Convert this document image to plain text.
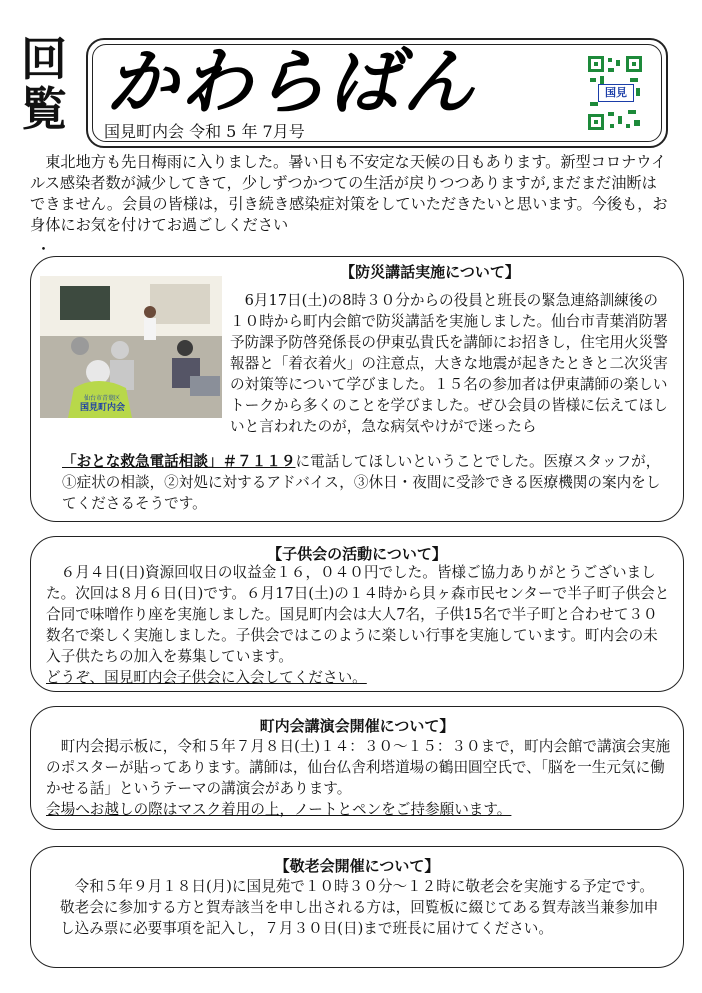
回
覧 かわらばん
国見町内会 令和 5 年 7月号
国見
東北地方も先日梅雨に入りました。暑い日も不安定な天候の日もあります。新型コロナウイルス感染者数が減少してきて，少しずつかつての生活が戻りつつありますが,まだまだ油断はできません。会員の皆様は，引き続き感染症対策をしていただきたいと思います。今後も，お身体にお気を付けてお過ごしください
・
【防災講話実施について】
仙台市青葉区
国見町内会
6月17日(土)の8時３０分からの役員と班長の緊急連絡訓練後の１０時から町内会館で防災講話を実施しました。仙台市青葉消防署予防課予防啓発係長の伊東弘貴氏を講師にお招きし，住宅用火災警報器と「着衣着火」の注意点，大きな地震が起きたときと二次災害の対策等について学びました。１５名の参加者は伊東講師の楽しいトークから多くのことを学びました。ぜひ会員の皆様に伝えてほしいと言われたのが，急な病気やけがで迷ったら
「おとな救急電話相談」＃７１１９に電話してほしいということでした。医療スタッフが，①症状の相談，②対処に対するアドバイス，③休日・夜間に受診できる医療機関の案内をしてくださるそうです。
【子供会の活動について】
６月４日(日)資源回収日の収益金１６，０４０円でした。皆様ご協力ありがとうございました。次回は８月６日(日)です。６月17日(土)の１４時から貝ヶ森市民センターで半子町子供会と合同で味噌作り座を実施しました。国見町内会は大人7名，子供15名で半子町と合わせて３０数名で楽しく実施しました。子供会ではこのように楽しい行事を実施しています。町内会の未入子供たちの加入を募集しています。
どうぞ、国見町内会子供会に入会してください。
町内会講演会開催について】
町内会掲示板に，令和５年７月８日(土)１４：３０～１５：３０まで，町内会館で講演会実施のポスターが貼ってあります。講師は，仙台仏舎利塔道場の鶴田圓空氏で、「脳を一生元気に働かせる話」というテーマの講演会があります。
会場へお越しの際はマスク着用の上，ノートとペンをご持参願います。
【敬老会開催について】
令和５年９月１８日(月)に国見苑で１０時３０分～１２時に敬老会を実施する予定です。敬老会に参加する方と賀寿該当を申し出される方は，回覧板に綴じてある賀寿該当兼参加申し込み票に必要事項を記入し，７月３０日(日)まで班長に届けてください。
